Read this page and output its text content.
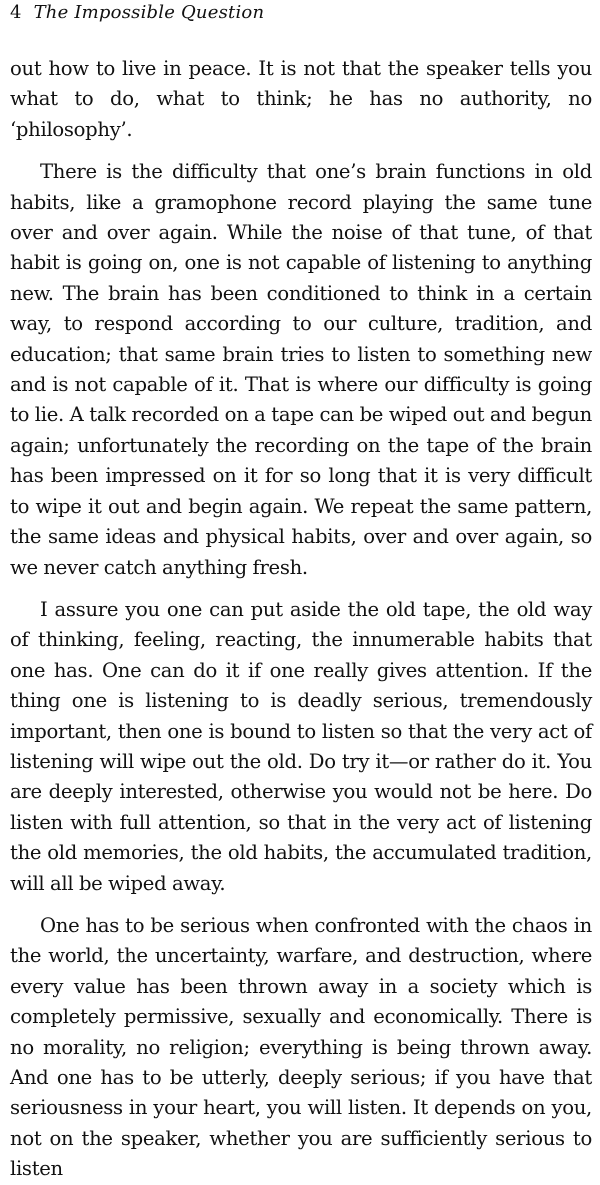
4 The Impossible Question

out how to live in peace. It is not that the speaker tells you what to do, what to think; he has no authority, no ‘philosophy’.

There is the difficulty that one’s brain functions in old habits, like a gramophone record playing the same tune over and over again. While the noise of that tune, of that habit is going on, one is not capable of listening to anything new. The brain has been conditioned to think in a certain way, to respond according to our culture, tradition, and education; that same brain tries to listen to something new and is not capable of it. That is where our difficulty is going to lie. A talk recorded on a tape can be wiped out and begun again; unfortunately the recording on the tape of the brain has been impressed on it for so long that it is very difficult to wipe it out and begin again. We repeat the same pattern, the same ideas and physical habits, over and over again, so we never catch anything fresh.

I assure you one can put aside the old tape, the old way of thinking, feeling, reacting, the innumerable habits that one has. One can do it if one really gives attention. If the thing one is listening to is deadly serious, tremendously important, then one is bound to listen so that the very act of listening will wipe out the old. Do try it—or rather do it. You are deeply interested, otherwise you would not be here. Do listen with full attention, so that in the very act of listening the old memories, the old habits, the accumulated tradition, will all be wiped away.

One has to be serious when confronted with the chaos in the world, the uncertainty, warfare, and destruction, where every value has been thrown away in a society which is completely permissive, sexually and economically. There is no morality, no religion; everything is being thrown away. And one has to be utterly, deeply serious; if you have that seriousness in your heart, you will listen. It depends on you, not on the speaker, whether you are sufficiently serious to listen
